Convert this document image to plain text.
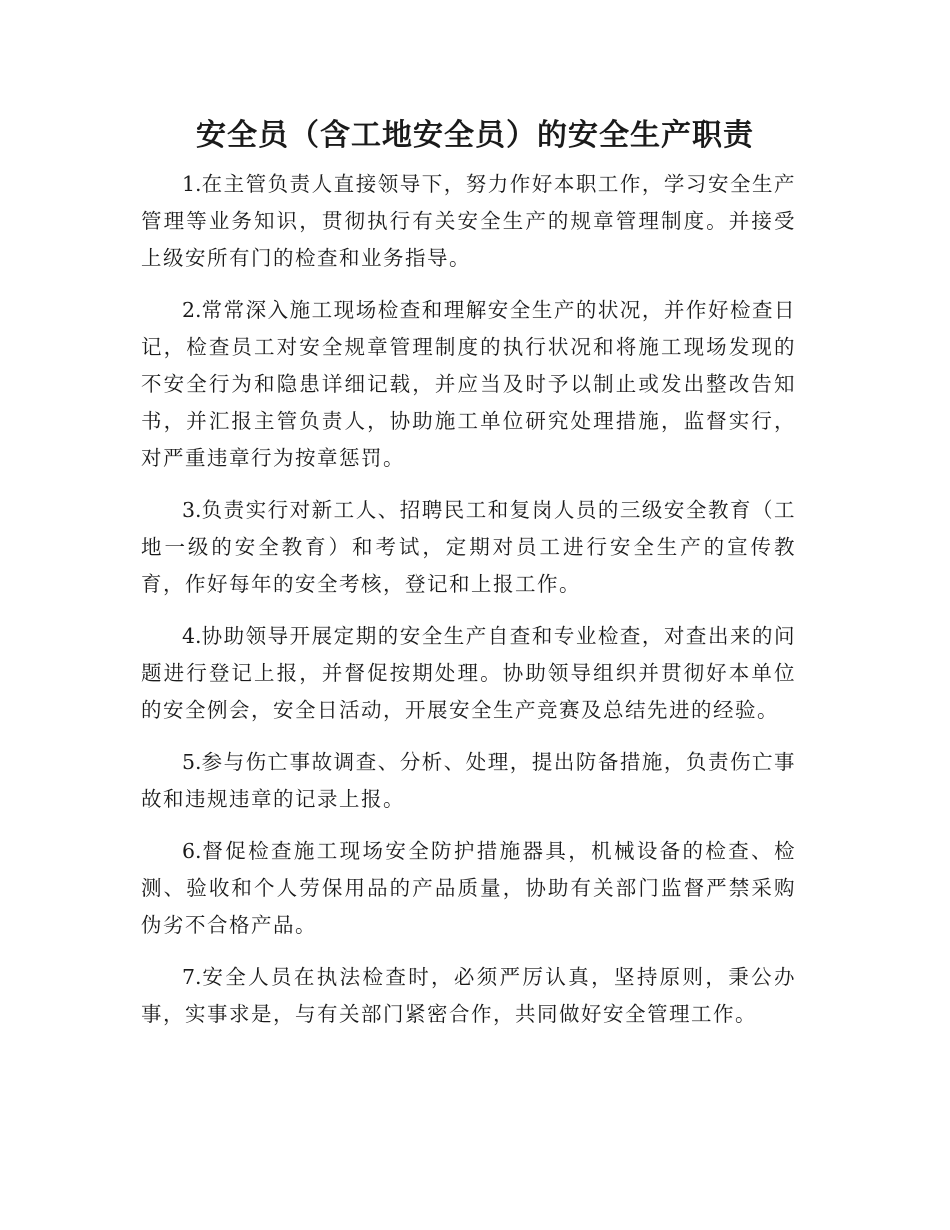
安全员（含工地安全员）的安全生产职责

1.在主管负责人直接领导下，努力作好本职工作，学习安全生产管理等业务知识，贯彻执行有关安全生产的规章管理制度。并接受上级安所有门的检查和业务指导。

2.常常深入施工现场检查和理解安全生产的状况，并作好检查日记，检查员工对安全规章管理制度的执行状况和将施工现场发现的不安全行为和隐患详细记载，并应当及时予以制止或发出整改告知书，并汇报主管负责人，协助施工单位研究处理措施，监督实行，对严重违章行为按章惩罚。

3.负责实行对新工人、招聘民工和复岗人员的三级安全教育（工地一级的安全教育）和考试，定期对员工进行安全生产的宣传教育，作好每年的安全考核，登记和上报工作。

4.协助领导开展定期的安全生产自查和专业检查，对查出来的问题进行登记上报，并督促按期处理。协助领导组织并贯彻好本单位的安全例会，安全日活动，开展安全生产竞赛及总结先进的经验。

5.参与伤亡事故调查、分析、处理，提出防备措施，负责伤亡事故和违规违章的记录上报。

6.督促检查施工现场安全防护措施器具，机械设备的检查、检测、验收和个人劳保用品的产品质量，协助有关部门监督严禁采购伪劣不合格产品。

7.安全人员在执法检查时，必须严厉认真，坚持原则，秉公办事，实事求是，与有关部门紧密合作，共同做好安全管理工作。
